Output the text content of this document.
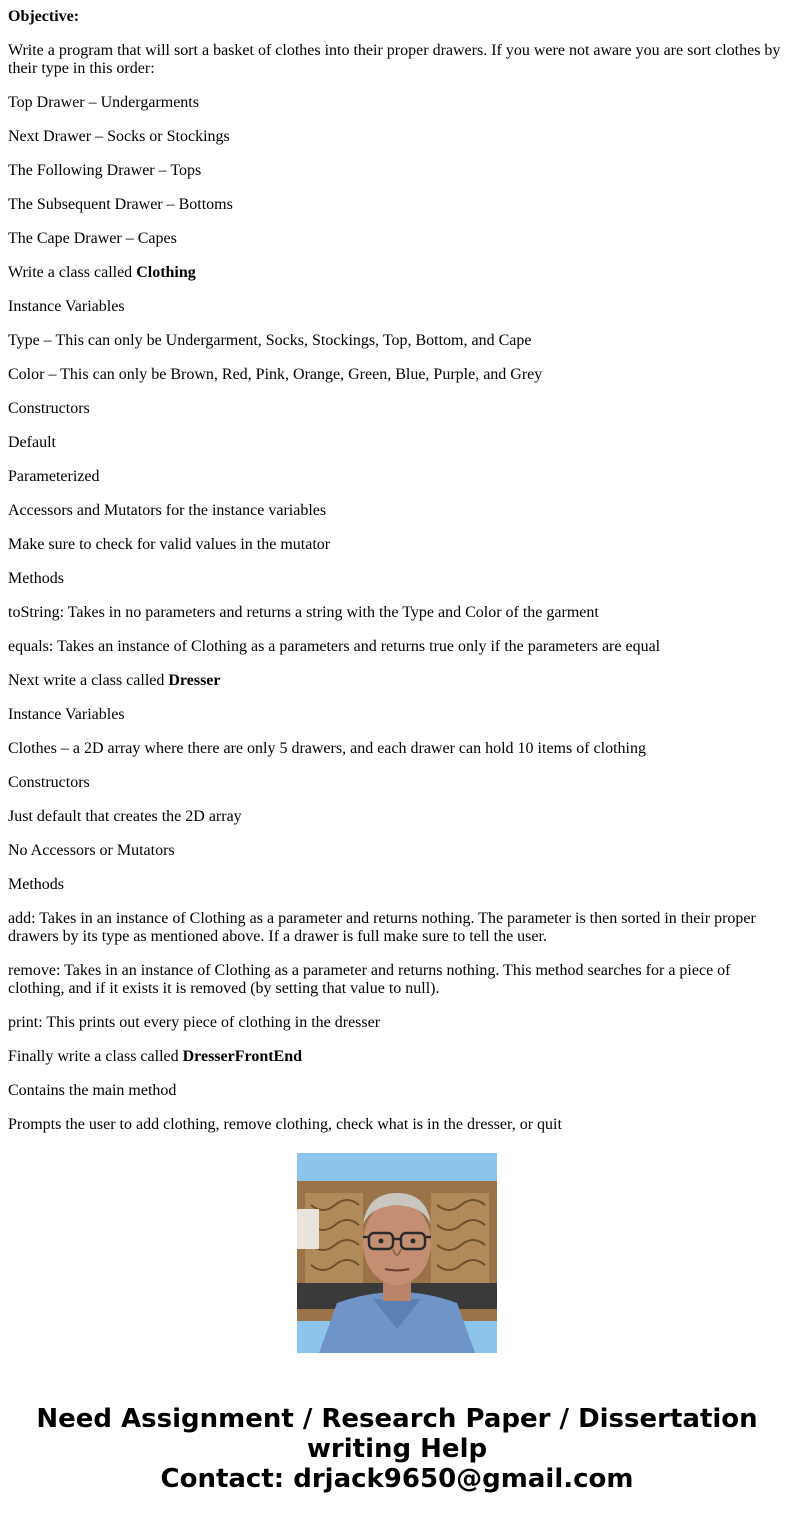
Objective:

Write a program that will sort a basket of clothes into their proper drawers. If you were not aware you are sort clothes by their type in this order:

Top Drawer – Undergarments

Next Drawer – Socks or Stockings

The Following Drawer – Tops

The Subsequent Drawer – Bottoms

The Cape Drawer – Capes

Write a class called Clothing

Instance Variables

Type – This can only be Undergarment, Socks, Stockings, Top, Bottom, and Cape

Color – This can only be Brown, Red, Pink, Orange, Green, Blue, Purple, and Grey

Constructors

Default

Parameterized

Accessors and Mutators for the instance variables

Make sure to check for valid values in the mutator

Methods

toString: Takes in no parameters and returns a string with the Type and Color of the garment

equals: Takes an instance of Clothing as a parameters and returns true only if the parameters are equal

Next write a class called Dresser

Instance Variables

Clothes – a 2D array where there are only 5 drawers, and each drawer can hold 10 items of clothing

Constructors

Just default that creates the 2D array

No Accessors or Mutators

Methods

add: Takes in an instance of Clothing as a parameter and returns nothing. The parameter is then sorted in their proper drawers by its type as mentioned above. If a drawer is full make sure to tell the user.

remove: Takes in an instance of Clothing as a parameter and returns nothing. This method searches for a piece of clothing, and if it exists it is removed (by setting that value to null).

print: This prints out every piece of clothing in the dresser

Finally write a class called DresserFrontEnd

Contains the main method

Prompts the user to add clothing, remove clothing, check what is in the dresser, or quit

Need Assignment / Research Paper / Dissertation
writing Help
Contact: drjack9650@gmail.com
